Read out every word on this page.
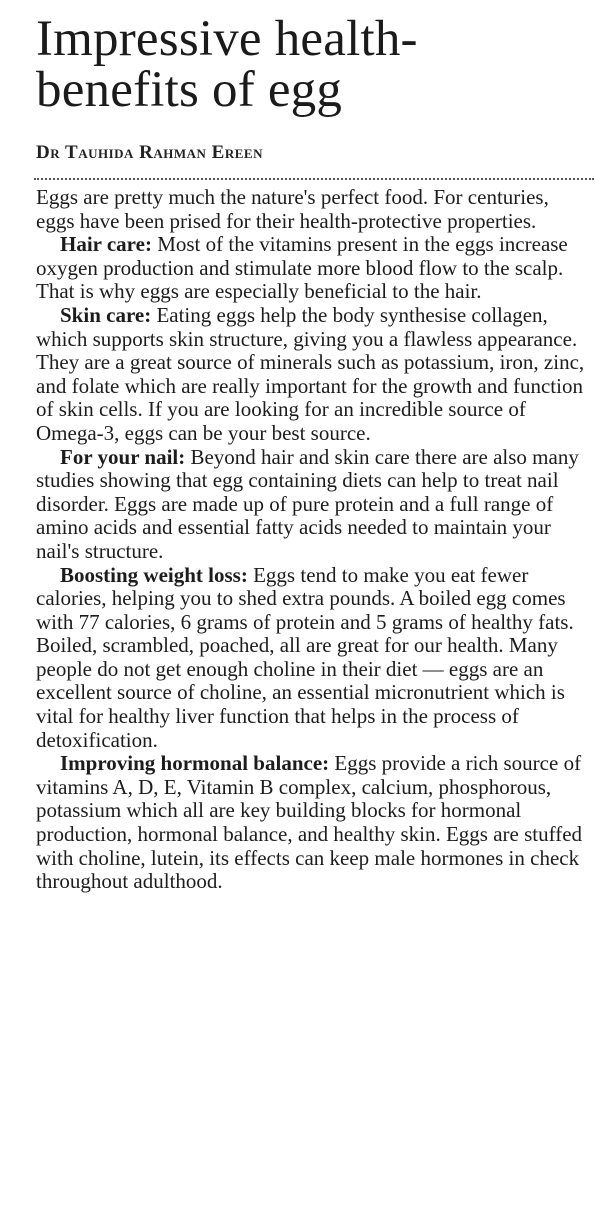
Impressive health-
benefits of egg
Dr Tauhida Rahman Ereen

Eggs are pretty much the nature's perfect food. For centuries, eggs have been prised for their health-protective properties.

Hair care: Most of the vitamins present in the eggs increase oxygen production and stimulate more blood flow to the scalp. That is why eggs are especially beneficial to the hair.

Skin care: Eating eggs help the body synthesise collagen, which supports skin structure, giving you a flawless appearance. They are a great source of minerals such as potassium, iron, zinc, and folate which are really important for the growth and function of skin cells. If you are looking for an incredible source of Omega-3, eggs can be your best source.

For your nail: Beyond hair and skin care there are also many studies showing that egg containing diets can help to treat nail disorder. Eggs are made up of pure protein and a full range of amino acids and essential fatty acids needed to maintain your nail's structure.

Boosting weight loss: Eggs tend to make you eat fewer calories, helping you to shed extra pounds. A boiled egg comes with 77 calories, 6 grams of protein and 5 grams of healthy fats. Boiled, scrambled, poached, all are great for our health. Many people do not get enough choline in their diet — eggs are an excellent source of choline, an essential micronutrient which is vital for healthy liver function that helps in the process of detoxification.

Improving hormonal balance: Eggs provide a rich source of vitamins A, D, E, Vitamin B complex, calcium, phosphorous, potassium which all are key building blocks for hormonal production, hormonal balance, and healthy skin. Eggs are stuffed with choline, lutein, its effects can keep male hormones in check throughout adulthood.
